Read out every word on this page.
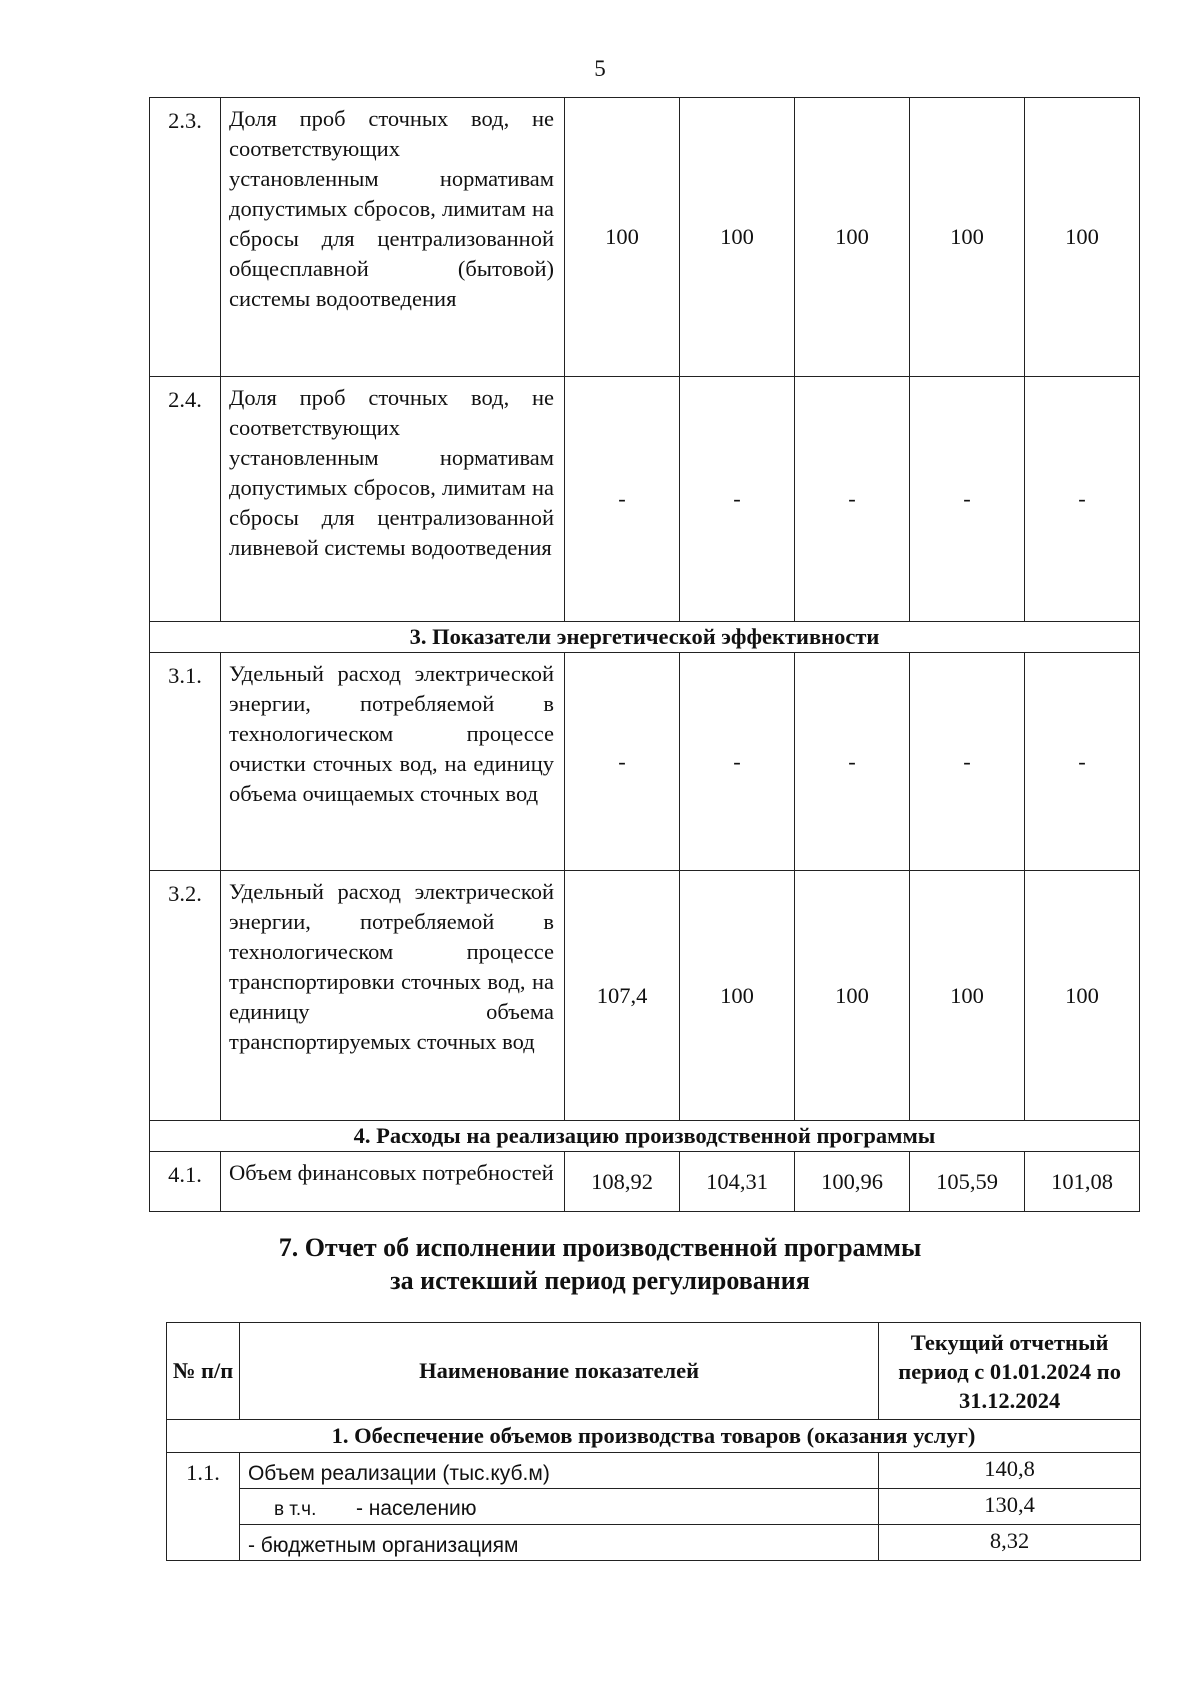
5
2.3.	Доля проб сточных вод, не соответствующих установленным нормативам допустимых сбросов, лимитам на сбросы для централизованной общесплавной (бытовой) системы водоотведения	100	100	100	100	100
2.4.	Доля проб сточных вод, не соответствующих установленным нормативам допустимых сбросов, лимитам на сбросы для централизованной ливневой системы водоотведения	-	-	-	-	-
3. Показатели энергетической эффективности						
3.1.	Удельный расход электрической энергии, потребляемой в технологическом процессе очистки сточных вод, на единицу объема очищаемых сточных вод	-	-	-	-	-
3.2.	Удельный расход электрической энергии, потребляемой в технологическом процессе транспортировки сточных вод, на единицу объема транспортируемых сточных вод	107,4	100	100	100	100
4. Расходы на реализацию производственной программы						
4.1.	Объем финансовых потребностей	108,92	104,31	100,96	105,59	101,08
7. Отчет об исполнении производственной программы
за истекший период регулирования
№ п/п	Наименование показателей	Текущий отчетный период с 01.01.2024 по 31.12.2024
1. Обеспечение объемов производства товаров (оказания услуг)		
1.1.	Объем реализации (тыс.куб.м)	140,8
	в т.ч. - населению	130,4
	- бюджетным организациям	8,32
